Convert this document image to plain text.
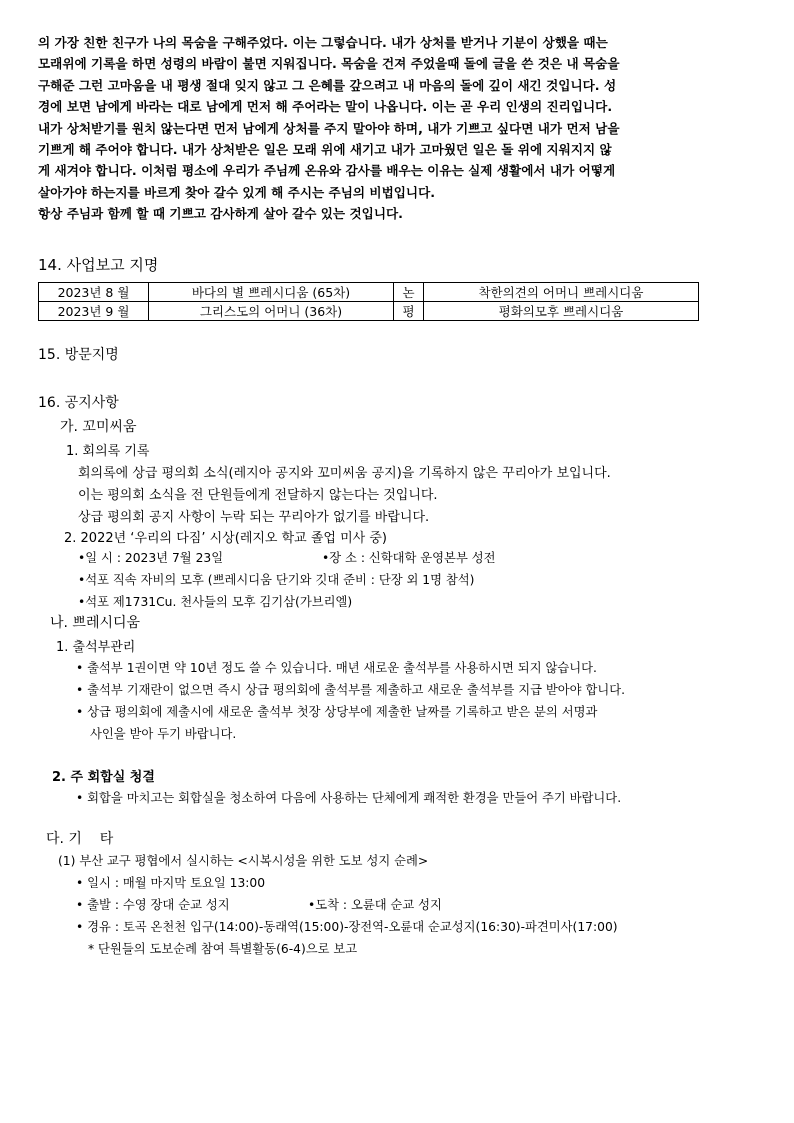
의 가장 친한 친구가 나의 목숨을 구해주었다. 이는 그렇습니다. 내가 상처를 받거나 기분이 상했을 때는
모래위에 기록을 하면 성령의 바람이 불면 지워집니다. 목숨을 건져 주었을때 돌에 글을 쓴 것은 내 목숨을
구해준 그런 고마움을 내 평생 절대 잊지 않고 그 은혜를 갚으려고 내 마음의 돌에 깊이 새긴 것입니다. 성
경에 보면 남에게 바라는 대로 남에게 먼저 해 주어라는 말이 나옵니다. 이는 곧 우리 인생의 진리입니다.
내가 상처받기를 원치 않는다면 먼저 남에게 상처를 주지 말아야 하며, 내가 기쁘고 싶다면 내가 먼저 남을
기쁘게 해 주어야 합니다. 내가 상처받은 일은 모래 위에 새기고 내가 고마웠던 일은 돌 위에 지워지지 않
게 새겨야 합니다. 이처럼 평소에 우리가 주님께 온유와 감사를 배우는 이유는 실제 생활에서 내가 어떻게
살아가야 하는지를 바르게 찾아 갈수 있게 해 주시는 주님의 비법입니다.
항상 주님과 함께 할 때 기쁘고 감사하게 살아 갈수 있는 것입니다.

14. 사업보고 지명
2023년 8 월	바다의 별 쁘레시디움 (65차)	논	착한의견의 어머니 쁘레시디움
2023년 9 월	그리스도의 어머니 (36차)	평	평화의모후 쁘레시디움
15. 방문지명
16. 공지사항
가. 꼬미씨움
1. 회의록 기록
회의록에 상급 평의회 소식(레지아 공지와 꼬미씨움 공지)을 기록하지 않은 꾸리아가 보입니다.
이는 평의회 소식을 전 단원들에게 전달하지 않는다는 것입니다.
상급 평의회 공지 사항이 누락 되는 꾸리아가 없기를 바랍니다.
2. 2022년 ‘우리의 다짐’ 시상(레지오 학교 졸업 미사 중)
•일 시 : 2023년 7월 23일	•장 소 : 신학대학 운영본부 성전
•석포 직속 자비의 모후 (쁘레시디움 단기와 깃대 준비 : 단장 외 1명 참석)
•석포 제1731Cu. 천사들의 모후 김기삼(가브리엘)
나. 쁘레시디움
1. 출석부관리
• 출석부 1권이면 약 10년 정도 쓸 수 있습니다. 매년 새로운 출석부를 사용하시면 되지 않습니다.
• 출석부 기재란이 없으면 즉시 상급 평의회에 출석부를 제출하고 새로운 출석부를 지급 받아야 합니다.
• 상급 평의회에 제출시에 새로운 출석부 첫장 상당부에 제출한 날짜를 기록하고 받은 분의 서명과
사인을 받아 두기 바랍니다.
2. 주 회합실 청결
• 회합을 마치고는 회합실을 청소하여 다음에 사용하는 단체에게 쾌적한 환경을 만들어 주기 바랍니다.
다. 기    타
(1) 부산 교구 평협에서 실시하는 <시복시성을 위한 도보 성지 순례>
• 일시 : 매월 마지막 토요일 13:00
• 출발 : 수영 장대 순교 성지	•도착 : 오륜대 순교 성지
• 경유 : 토곡 온천천 입구(14:00)-동래역(15:00)-장전역-오륜대 순교성지(16:30)-파견미사(17:00)
* 단원들의 도보순례 참여 특별활동(6-4)으로 보고
